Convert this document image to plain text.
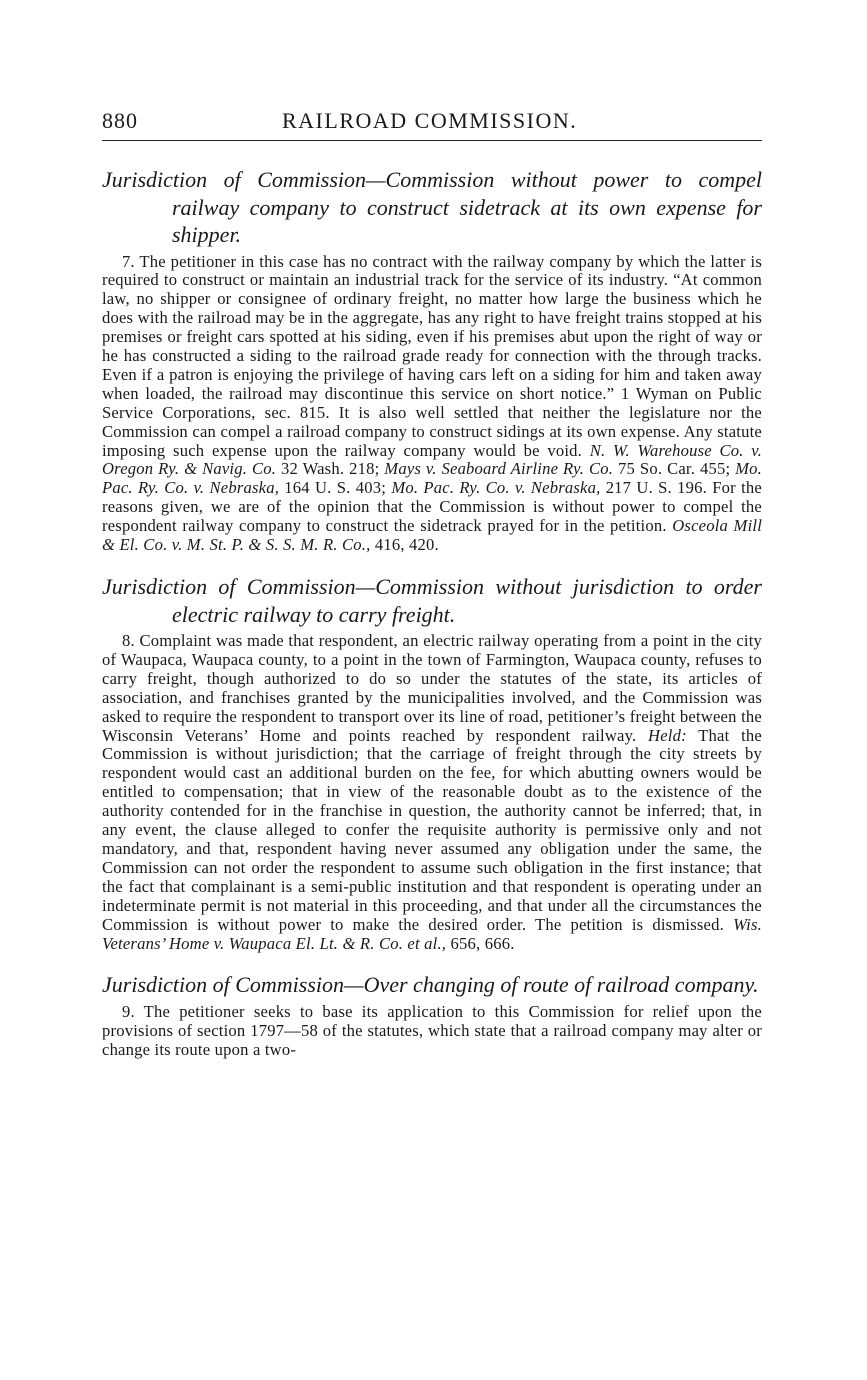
880	RAILROAD COMMISSION.

Jurisdiction of Commission—Commission without power to compel railway company to construct sidetrack at its own expense for shipper.

7. The petitioner in this case has no contract with the railway company by which the latter is required to construct or maintain an industrial track for the service of its industry. “At common law, no shipper or consignee of ordinary freight, no matter how large the business which he does with the railroad may be in the aggregate, has any right to have freight trains stopped at his premises or freight cars spotted at his siding, even if his premises abut upon the right of way or he has constructed a siding to the railroad grade ready for connection with the through tracks. Even if a patron is enjoying the privilege of having cars left on a siding for him and taken away when loaded, the railroad may discontinue this service on short notice.” 1 Wyman on Public Service Corporations, sec. 815. It is also well settled that neither the legislature nor the Commission can compel a railroad company to construct sidings at its own expense. Any statute imposing such expense upon the railway company would be void. N. W. Warehouse Co. v. Oregon Ry. & Navig. Co. 32 Wash. 218; Mays v. Seaboard Airline Ry. Co. 75 So. Car. 455; Mo. Pac. Ry. Co. v. Nebraska, 164 U. S. 403; Mo. Pac. Ry. Co. v. Nebraska, 217 U. S. 196. For the reasons given, we are of the opinion that the Commission is without power to compel the respondent railway company to construct the sidetrack prayed for in the petition. Osceola Mill & El. Co. v. M. St. P. & S. S. M. R. Co., 416, 420.

Jurisdiction of Commission—Commission without jurisdiction to order electric railway to carry freight.

8. Complaint was made that respondent, an electric railway operating from a point in the city of Waupaca, Waupaca county, to a point in the town of Farmington, Waupaca county, refuses to carry freight, though authorized to do so under the statutes of the state, its articles of association, and franchises granted by the municipalities involved, and the Commission was asked to require the respondent to transport over its line of road, petitioner’s freight between the Wisconsin Veterans’ Home and points reached by respondent railway. Held: That the Commission is without jurisdiction; that the carriage of freight through the city streets by respondent would cast an additional burden on the fee, for which abutting owners would be entitled to compensation; that in view of the reasonable doubt as to the existence of the authority contended for in the franchise in question, the authority cannot be inferred; that, in any event, the clause alleged to confer the requisite authority is permissive only and not mandatory, and that, respondent having never assumed any obligation under the same, the Commission can not order the respondent to assume such obligation in the first instance; that the fact that complainant is a semi-public institution and that respondent is operating under an indeterminate permit is not material in this proceeding, and that under all the circumstances the Commission is without power to make the desired order. The petition is dismissed. Wis. Veterans’ Home v. Waupaca El. Lt. & R. Co. et al., 656, 666.

Jurisdiction of Commission—Over changing of route of railroad company.

9. The petitioner seeks to base its application to this Commission for relief upon the provisions of section 1797—58 of the statutes, which state that a railroad company may alter or change its route upon a two-
